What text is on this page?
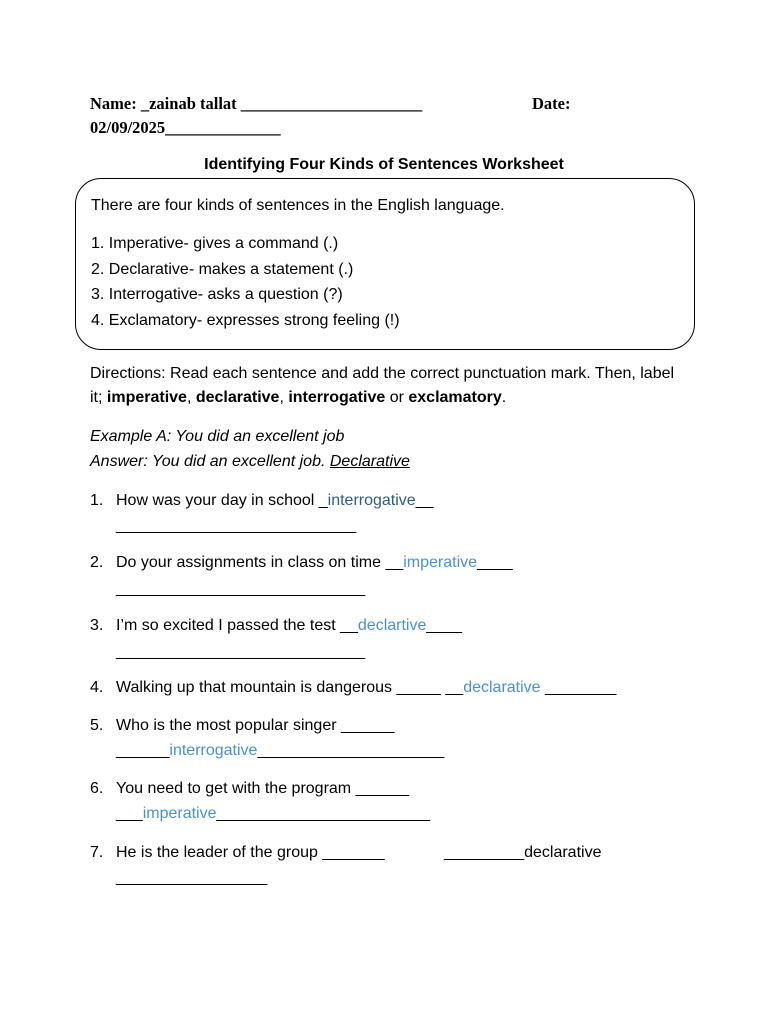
Name: _zainab tallat ______________________	Date:
02/09/2025______________
Identifying Four Kinds of Sentences Worksheet
There are four kinds of sentences in the English language.
1. Imperative- gives a command (.)
2. Declarative- makes a statement (.)
3. Interrogative- asks a question (?)
4. Exclamatory- expresses strong feeling (!)
Directions: Read each sentence and add the correct punctuation mark. Then, label
it; imperative, declarative, interrogative or exclamatory.
Example A: You did an excellent job
Answer: You did an excellent job. Declarative
1. How was your day in school _interrogative__
___________________________
2. Do your assignments in class on time __imperative____
____________________________
3. I’m so excited I passed the test __declartive____
____________________________
4. Walking up that mountain is dangerous _____ __declarative ________
5. Who is the most popular singer ______
______interrogative_____________________
6. You need to get with the program ______
___imperative________________________
7. He is the leader of the group _______	_________declarative
_________________
